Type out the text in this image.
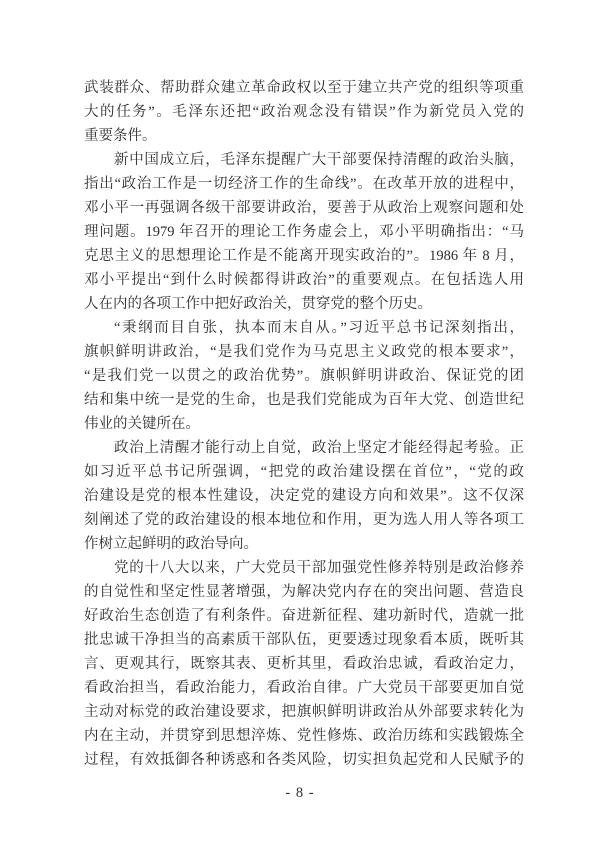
武装群众、帮助群众建立革命政权以至于建立共产党的组织等项重
大的任务”。毛泽东还把“政治观念没有错误”作为新党员入党的
重要条件。
新中国成立后，毛泽东提醒广大干部要保持清醒的政治头脑，
指出“政治工作是一切经济工作的生命线”。在改革开放的进程中，
邓小平一再强调各级干部要讲政治，要善于从政治上观察问题和处
理问题。1979 年召开的理论工作务虚会上，邓小平明确指出：“马
克思主义的思想理论工作是不能离开现实政治的”。1986 年 8 月，
邓小平提出“到什么时候都得讲政治”的重要观点。在包括选人用
人在内的各项工作中把好政治关，贯穿党的整个历史。
“秉纲而目自张，执本而末自从。”习近平总书记深刻指出，
旗帜鲜明讲政治，“是我们党作为马克思主义政党的根本要求”，
“是我们党一以贯之的政治优势”。旗帜鲜明讲政治、保证党的团
结和集中统一是党的生命，也是我们党能成为百年大党、创造世纪
伟业的关键所在。
政治上清醒才能行动上自觉，政治上坚定才能经得起考验。正
如习近平总书记所强调，“把党的政治建设摆在首位”，“党的政
治建设是党的根本性建设，决定党的建设方向和效果”。这不仅深
刻阐述了党的政治建设的根本地位和作用，更为选人用人等各项工
作树立起鲜明的政治导向。
党的十八大以来，广大党员干部加强党性修养特别是政治修养
的自觉性和坚定性显著增强，为解决党内存在的突出问题、营造良
好政治生态创造了有利条件。奋进新征程、建功新时代，造就一批
批忠诚干净担当的高素质干部队伍，更要透过现象看本质，既听其
言、更观其行，既察其表、更析其里，看政治忠诚，看政治定力，
看政治担当，看政治能力，看政治自律。广大党员干部要更加自觉
主动对标党的政治建设要求，把旗帜鲜明讲政治从外部要求转化为
内在主动，并贯穿到思想淬炼、党性修炼、政治历练和实践锻炼全
过程，有效抵御各种诱惑和各类风险，切实担负起党和人民赋予的
- 8 -
